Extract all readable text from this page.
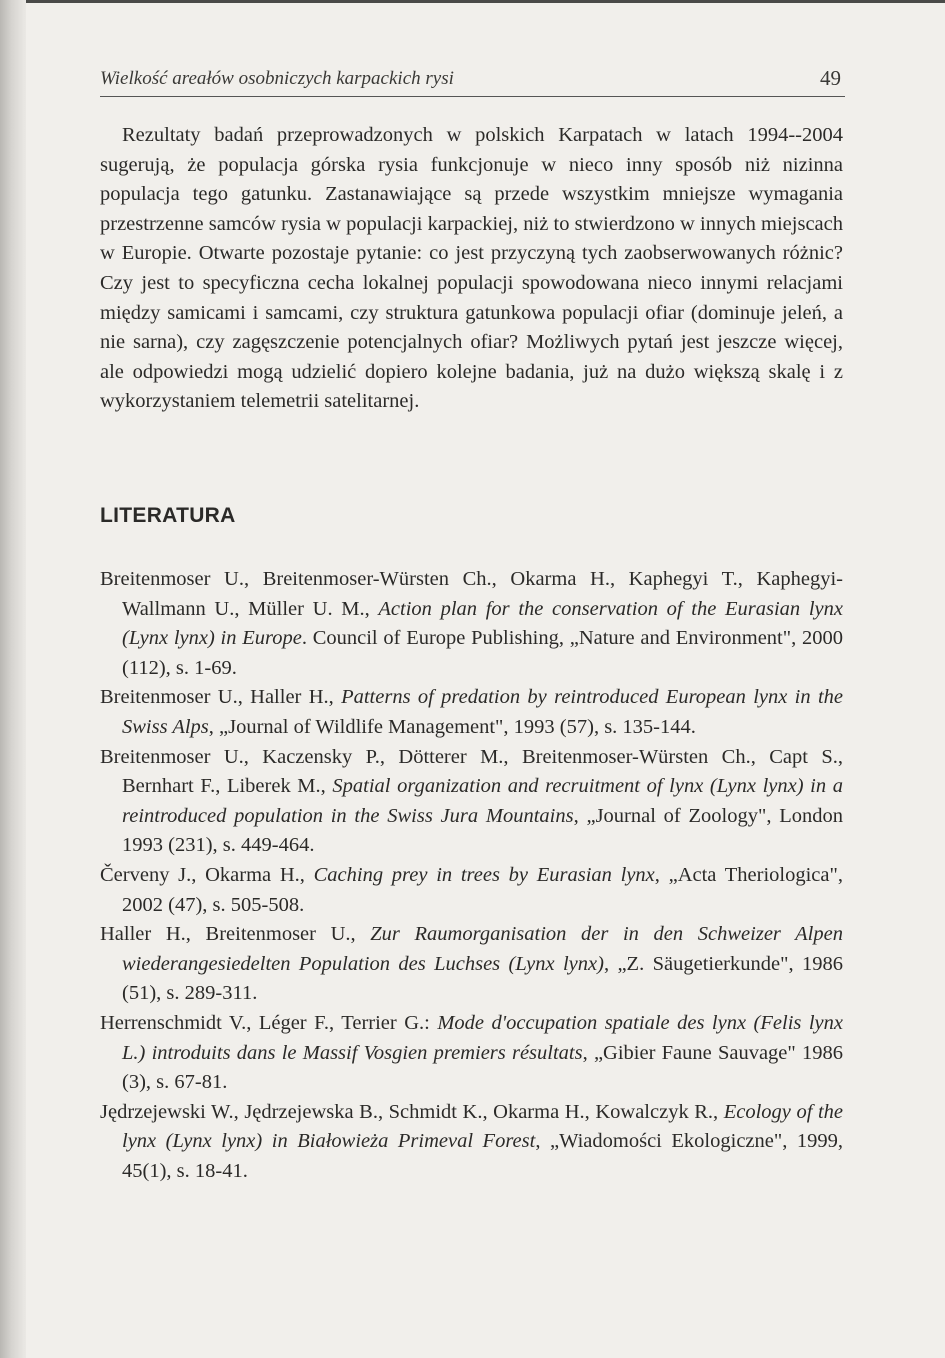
Wielkość areałów osobniczych karpackich rysi	49

Rezultaty badań przeprowadzonych w polskich Karpatach w latach 1994--2004 sugerują, że populacja górska rysia funkcjonuje w nieco inny sposób niż nizinna populacja tego gatunku. Zastanawiające są przede wszystkim mniejsze wymagania przestrzenne samców rysia w populacji karpackiej, niż to stwierdzono w innych miejscach w Europie. Otwarte pozostaje pytanie: co jest przyczyną tych zaobserwowanych różnic? Czy jest to specyficzna cecha lokalnej populacji spowodowana nieco innymi relacjami między samicami i samcami, czy struktura gatunkowa populacji ofiar (dominuje jeleń, a nie sarna), czy zagęszczenie potencjalnych ofiar? Możliwych pytań jest jeszcze więcej, ale odpowiedzi mogą udzielić dopiero kolejne badania, już na dużo większą skalę i z wykorzystaniem telemetrii satelitarnej.

LITERATURA
Breitenmoser U., Breitenmoser-Würsten Ch., Okarma H., Kaphegyi T., Kaphegyi-Wallmann U., Müller U. M., Action plan for the conservation of the Eurasian lynx (Lynx lynx) in Europe. Council of Europe Publishing, „Nature and Environment", 2000 (112), s. 1-69.
Breitenmoser U., Haller H., Patterns of predation by reintroduced European lynx in the Swiss Alps, „Journal of Wildlife Management", 1993 (57), s. 135-144.
Breitenmoser U., Kaczensky P., Dötterer M., Breitenmoser-Würsten Ch., Capt S., Bernhart F., Liberek M., Spatial organization and recruitment of lynx (Lynx lynx) in a reintroduced population in the Swiss Jura Mountains, „Journal of Zoology", London 1993 (231), s. 449-464.
Červeny J., Okarma H., Caching prey in trees by Eurasian lynx, „Acta Theriologica", 2002 (47), s. 505-508.
Haller H., Breitenmoser U., Zur Raumorganisation der in den Schweizer Alpen wiederangesiedelten Population des Luchses (Lynx lynx), „Z. Säugetierkunde", 1986 (51), s. 289-311.
Herrenschmidt V., Léger F., Terrier G.: Mode d'occupation spatiale des lynx (Felis lynx L.) introduits dans le Massif Vosgien premiers résultats, „Gibier Faune Sauvage" 1986 (3), s. 67-81.
Jędrzejewski W., Jędrzejewska B., Schmidt K., Okarma H., Kowalczyk R., Ecology of the lynx (Lynx lynx) in Białowieża Primeval Forest, „Wiadomości Ekologiczne", 1999, 45(1), s. 18-41.
